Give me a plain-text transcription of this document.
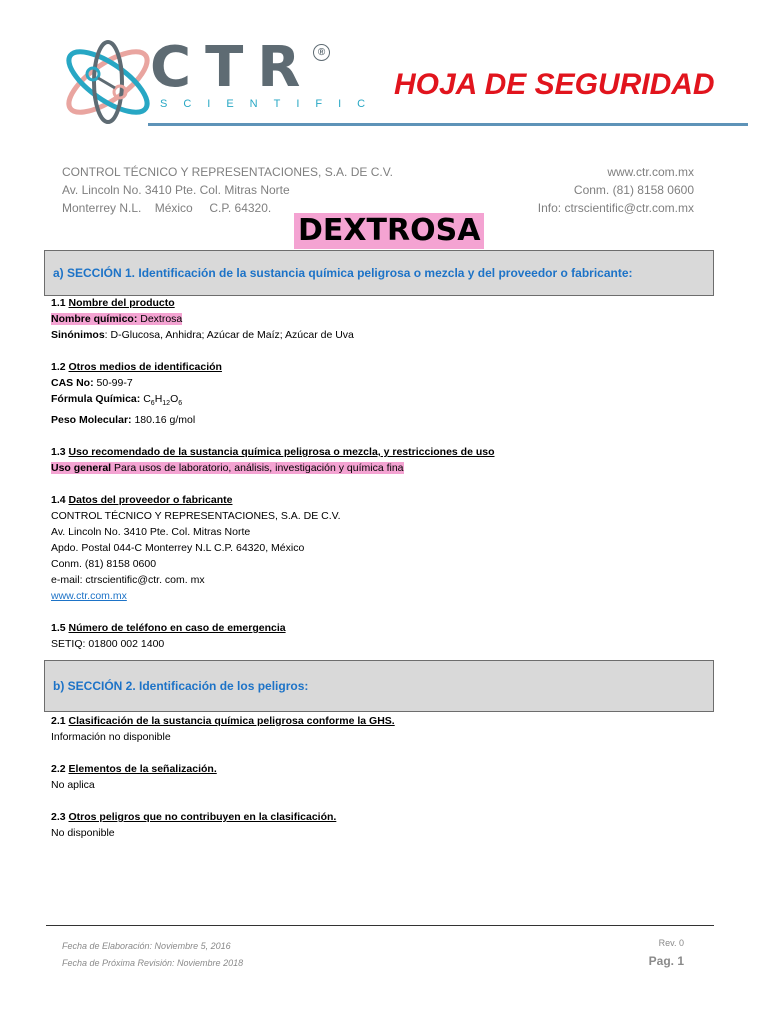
CTR ®
SCIENTIFIC
HOJA DE SEGURIDAD
CONTROL TÉCNICO Y REPRESENTACIONES, S.A. DE C.V.
Av. Lincoln No. 3410 Pte. Col. Mitras Norte
Monterrey N.L. México C.P. 64320.
www.ctr.com.mx
Conm. (81) 8158 0600
Info: ctrscientific@ctr.com.mx
DEXTROSA
a) SECCIÓN 1. Identificación de la sustancia química peligrosa o mezcla y del proveedor o fabricante:
1.1 Nombre del producto
Nombre químico: Dextrosa
Sinónimos: D-Glucosa, Anhidra; Azúcar de Maíz; Azúcar de Uva
1.2 Otros medios de identificación
CAS No: 50-99-7
Fórmula Química: $C_6H_{12}O_6$
Peso Molecular: 180.16 g/mol
1.3 Uso recomendado de la sustancia química peligrosa o mezcla, y restricciones de uso
Uso general Para usos de laboratorio, análisis, investigación y química fina
1.4 Datos del proveedor o fabricante
CONTROL TÉCNICO Y REPRESENTACIONES, S.A. DE C.V.
Av. Lincoln No. 3410 Pte. Col. Mitras Norte
Apdo. Postal 044-C Monterrey N.L C.P. 64320, México
Conm. (81) 8158 0600
e-mail: ctrscientific@ctr. com. mx
www.ctr.com.mx
1.5 Número de teléfono en caso de emergencia
SETIQ: 01800 002 1400
b) SECCIÓN 2. Identificación de los peligros:
2.1 Clasificación de la sustancia química peligrosa conforme la GHS.
Información no disponible
2.2 Elementos de la señalización.
No aplica
2.3 Otros peligros que no contribuyen en la clasificación.
No disponible
Fecha de Elaboración: Noviembre 5, 2016
Fecha de Próxima Revisión: Noviembre 2018
Rev. 0
Pag. 1
